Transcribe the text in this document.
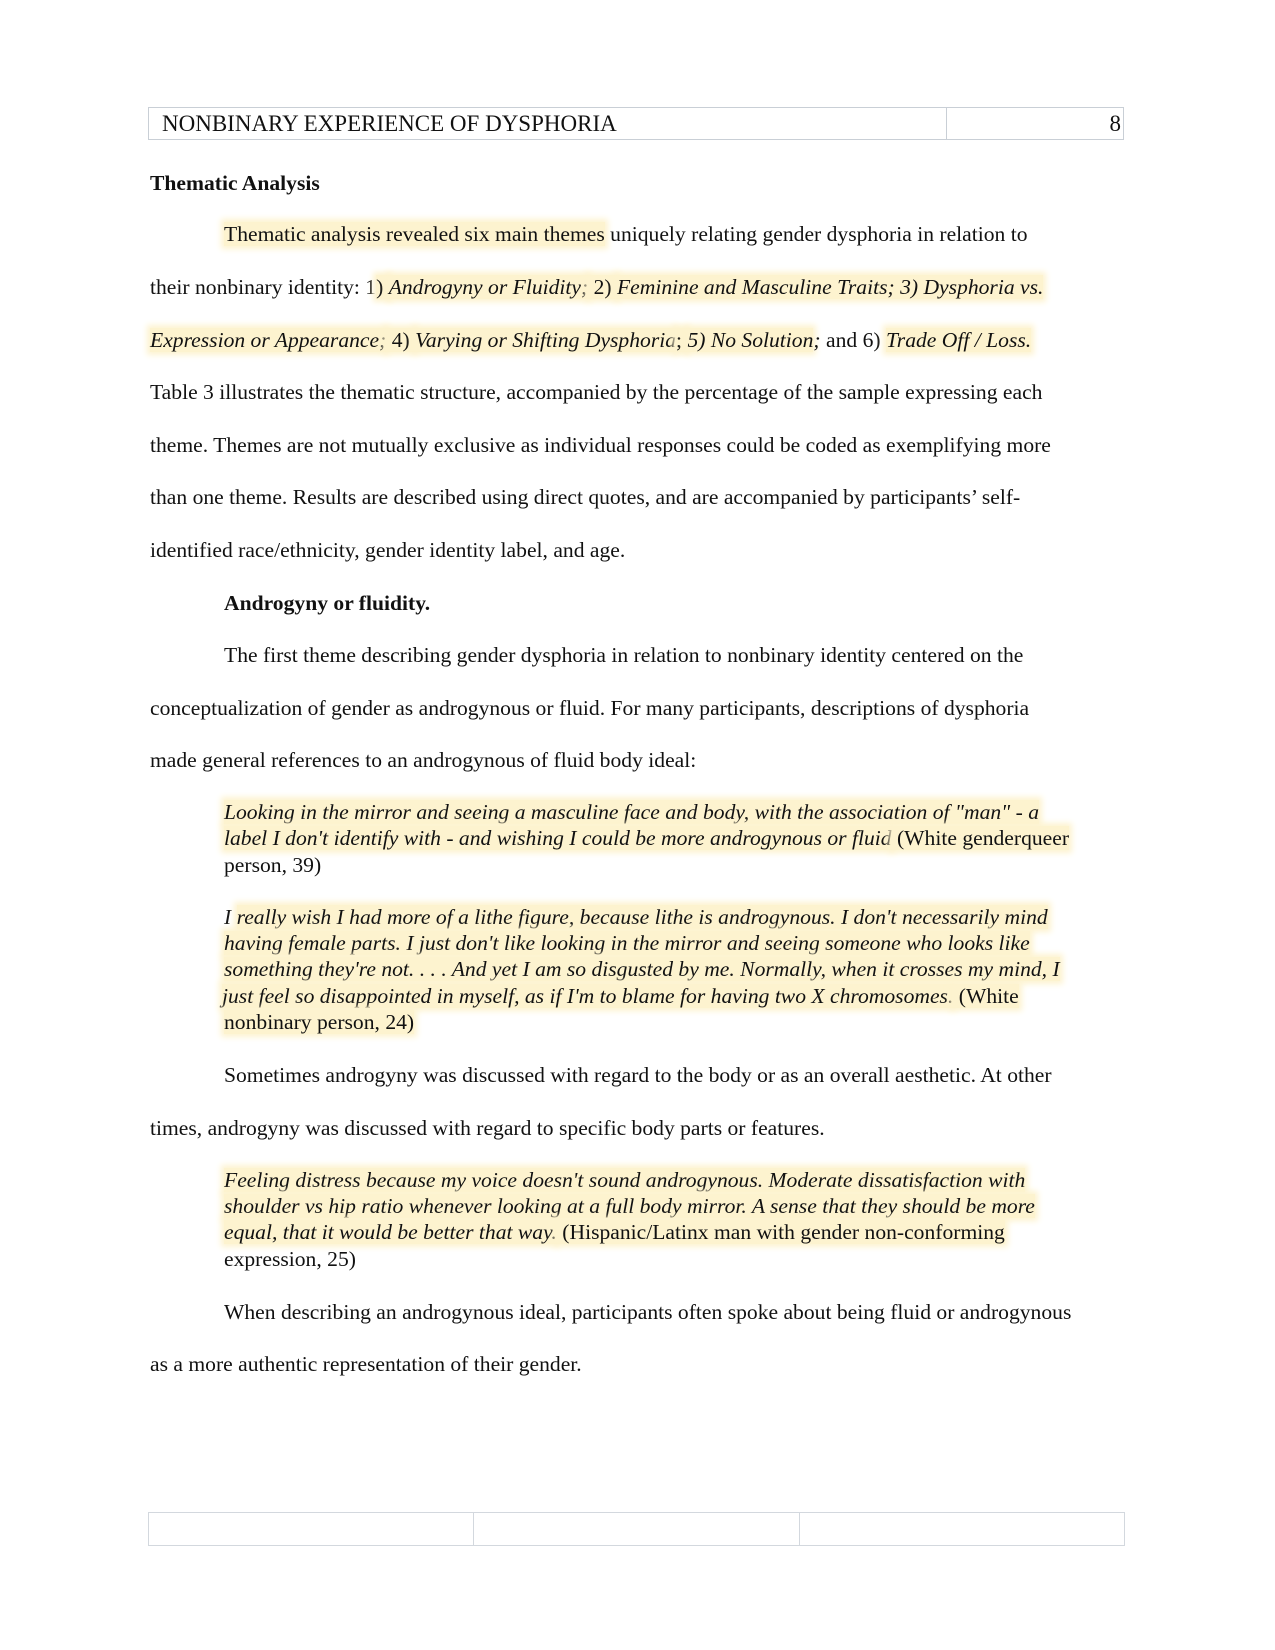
NONBINARY EXPERIENCE OF DYSPHORIA	8
Thematic Analysis
Thematic analysis revealed six main themes uniquely relating gender dysphoria in relation to
their nonbinary identity: 1) Androgyny or Fluidity; 2) Feminine and Masculine Traits; 3) Dysphoria vs.
Expression or Appearance; 4) Varying or Shifting Dysphoria; 5) No Solution; and 6) Trade Off / Loss.
Table 3 illustrates the thematic structure, accompanied by the percentage of the sample expressing each
theme. Themes are not mutually exclusive as individual responses could be coded as exemplifying more
than one theme. Results are described using direct quotes, and are accompanied by participants’ self-
identified race/ethnicity, gender identity label, and age.
Androgyny or fluidity.
The first theme describing gender dysphoria in relation to nonbinary identity centered on the
conceptualization of gender as androgynous or fluid. For many participants, descriptions of dysphoria
made general references to an androgynous of fluid body ideal:
Looking in the mirror and seeing a masculine face and body, with the association of "man" - a
label I don't identify with - and wishing I could be more androgynous or fluid (White genderqueer
person, 39)
I really wish I had more of a lithe figure, because lithe is androgynous. I don't necessarily mind
having female parts. I just don't like looking in the mirror and seeing someone who looks like
something they're not. . . . And yet I am so disgusted by me. Normally, when it crosses my mind, I
just feel so disappointed in myself, as if I'm to blame for having two X chromosomes. (White
nonbinary person, 24)
Sometimes androgyny was discussed with regard to the body or as an overall aesthetic. At other
times, androgyny was discussed with regard to specific body parts or features.
Feeling distress because my voice doesn't sound androgynous. Moderate dissatisfaction with
shoulder vs hip ratio whenever looking at a full body mirror. A sense that they should be more
equal, that it would be better that way. (Hispanic/Latinx man with gender non-conforming
expression, 25)
When describing an androgynous ideal, participants often spoke about being fluid or androgynous
as a more authentic representation of their gender.
